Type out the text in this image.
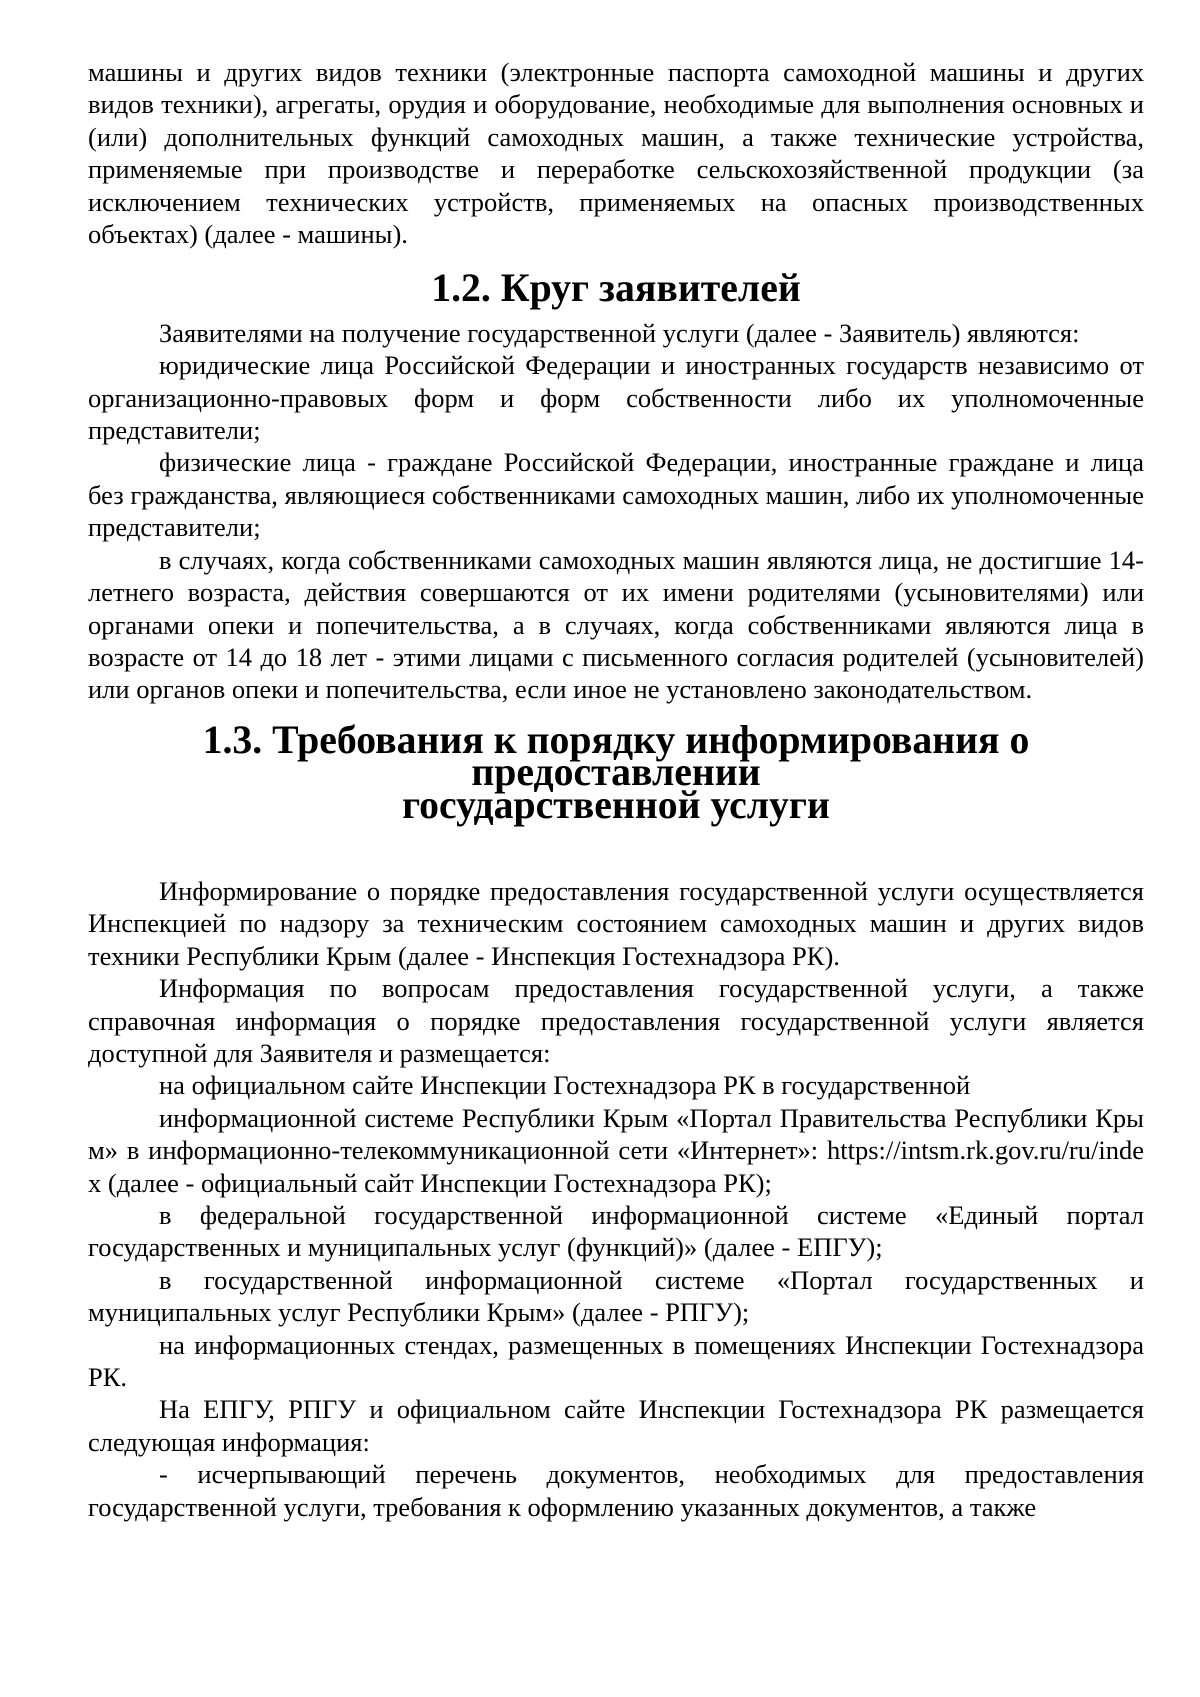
машины и других видов техники (электронные паспорта самоходной машины и других видов техники), агрегаты, орудия и оборудование, необходимые для выполнения основных и (или) дополнительных функций самоходных машин, а также технические устройства, применяемые при производстве и переработке сельскохозяйственной продукции (за исключением технических устройств, применяемых на опасных производственных объектах) (далее - машины).

1.2. Круг заявителей

Заявителями на получение государственной услуги (далее - Заявитель) являются:

юридические лица Российской Федерации и иностранных государств независимо от организационно-правовых форм и форм собственности либо их уполномоченные представители;

физические лица - граждане Российской Федерации, иностранные граждане и лица без гражданства, являющиеся собственниками самоходных машин, либо их уполномоченные представители;

в случаях, когда собственниками самоходных машин являются лица, не достигшие 14-летнего возраста, действия совершаются от их имени родителями (усыновителями) или органами опеки и попечительства, а в случаях, когда собственниками являются лица в возрасте от 14 до 18 лет - этими лицами с письменного согласия родителей (усыновителей) или органов опеки и попечительства, если иное не установлено законодательством.

1.3. Требования к порядку информирования о предоставлении
государственной услуги

Информирование о порядке предоставления государственной услуги осуществляется Инспекцией по надзору за техническим состоянием самоходных машин и других видов техники Республики Крым (далее - Инспекция Гостехнадзора РК).

Информация по вопросам предоставления государственной услуги, а также справочная информация о порядке предоставления государственной услуги является доступной для Заявителя и размещается:

на официальном сайте Инспекции Гостехнадзора РК в государственной

информационной системе Республики Крым «Портал Правительства Республики Крым» в информационно-телекоммуникационной сети «Интернет»: https://intsm.rk.gov.ru/ru/index (далее - официальный сайт Инспекции Гостехнадзора РК);

в федеральной государственной информационной системе «Единый портал государственных и муниципальных услуг (функций)» (далее - ЕПГУ);

в государственной информационной системе «Портал государственных и муниципальных услуг Республики Крым» (далее - РПГУ);

на информационных стендах, размещенных в помещениях Инспекции Гостехнадзора РК.

На ЕПГУ, РПГУ и официальном сайте Инспекции Гостехнадзора РК размещается следующая информация:

- исчерпывающий перечень документов, необходимых для предоставления государственной услуги, требования к оформлению указанных документов, а также
